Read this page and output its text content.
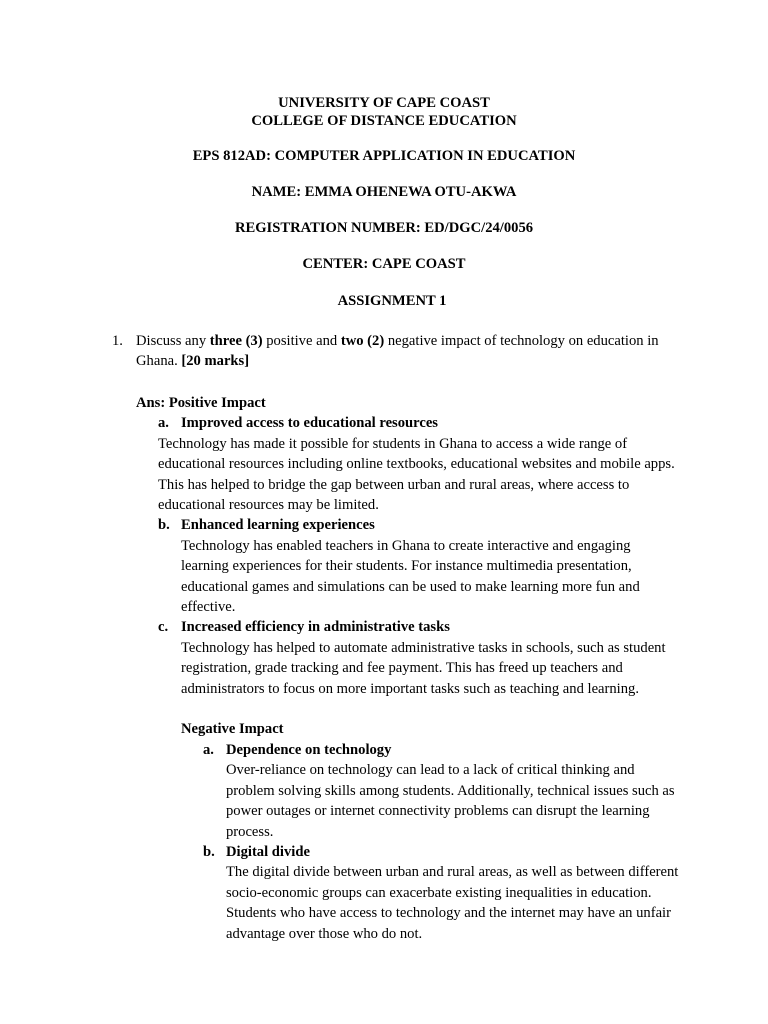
UNIVERSITY OF CAPE COAST
COLLEGE OF DISTANCE EDUCATION
EPS 812AD: COMPUTER APPLICATION IN EDUCATION
NAME: EMMA OHENEWA OTU-AKWA
REGISTRATION NUMBER: ED/DGC/24/0056
CENTER: CAPE COAST
ASSIGNMENT 1
1. Discuss any three (3) positive and two (2) negative impact of technology on education in Ghana. [20 marks]
Ans: Positive Impact
a. Improved access to educational resources
Technology has made it possible for students in Ghana to access a wide range of educational resources including online textbooks, educational websites and mobile apps. This has helped to bridge the gap between urban and rural areas, where access to educational resources may be limited.
b. Enhanced learning experiences
Technology has enabled teachers in Ghana to create interactive and engaging learning experiences for their students. For instance multimedia presentation, educational games and simulations can be used to make learning more fun and effective.
c. Increased efficiency in administrative tasks
Technology has helped to automate administrative tasks in schools, such as student registration, grade tracking and fee payment. This has freed up teachers and administrators to focus on more important tasks such as teaching and learning.
Negative Impact
a. Dependence on technology
Over-reliance on technology can lead to a lack of critical thinking and problem solving skills among students. Additionally, technical issues such as power outages or internet connectivity problems can disrupt the learning process.
b. Digital divide
The digital divide between urban and rural areas, as well as between different socio-economic groups can exacerbate existing inequalities in education. Students who have access to technology and the internet may have an unfair advantage over those who do not.
